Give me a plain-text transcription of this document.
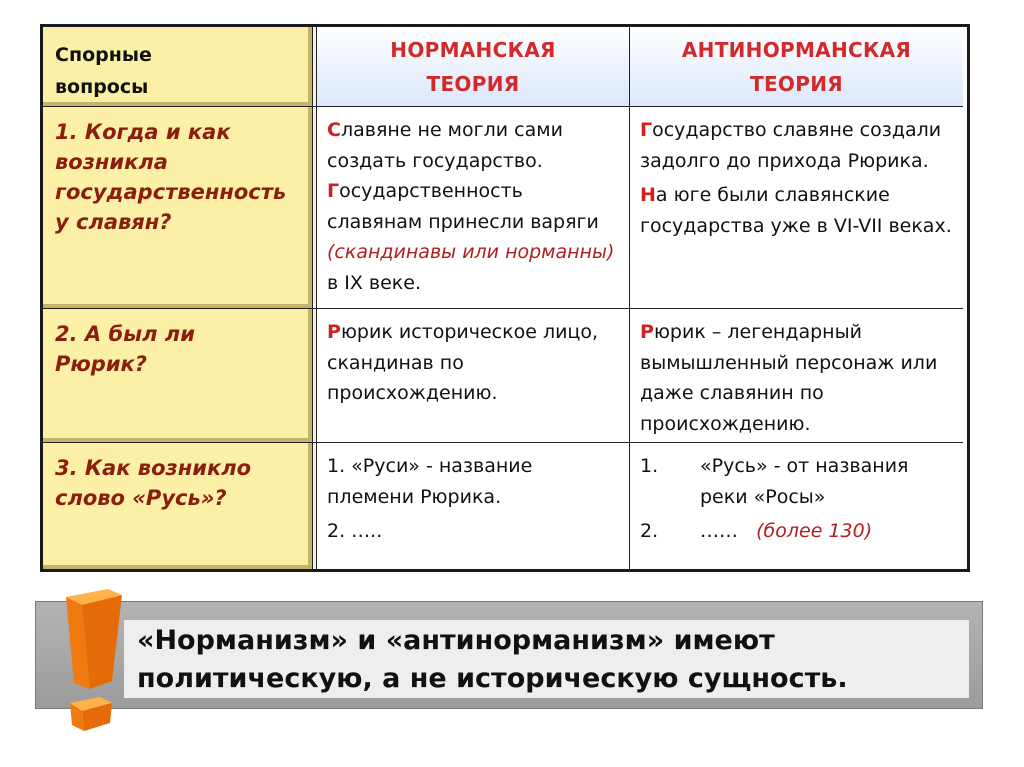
Спорные
вопросы
НОРМАНСКАЯ
ТЕОРИЯ
АНТИНОРМАНСКАЯ
ТЕОРИЯ
1. Когда и как
возникла
государственность
у славян?
Славяне не могли сами создать государство.
Государственность славянам принесли варяги (скандинавы или норманны) в IX веке.
Государство славяне создали задолго до прихода Рюрика.
На юге были славянские государства уже в VI-VII веках.
2. А был ли
Рюрик?
Рюрик историческое лицо, скандинав по происхождению.
Рюрик – легендарный вымышленный персонаж или даже славянин по происхождению.
3. Как возникло
слово «Русь»?
1. «Руси» - название племени Рюрика.
2. …..
1.	«Русь» - от названия реки «Росы»
2.	…… (более 130)
«Норманизм» и «антинорманизм» имеют
политическую, а не историческую сущность.
